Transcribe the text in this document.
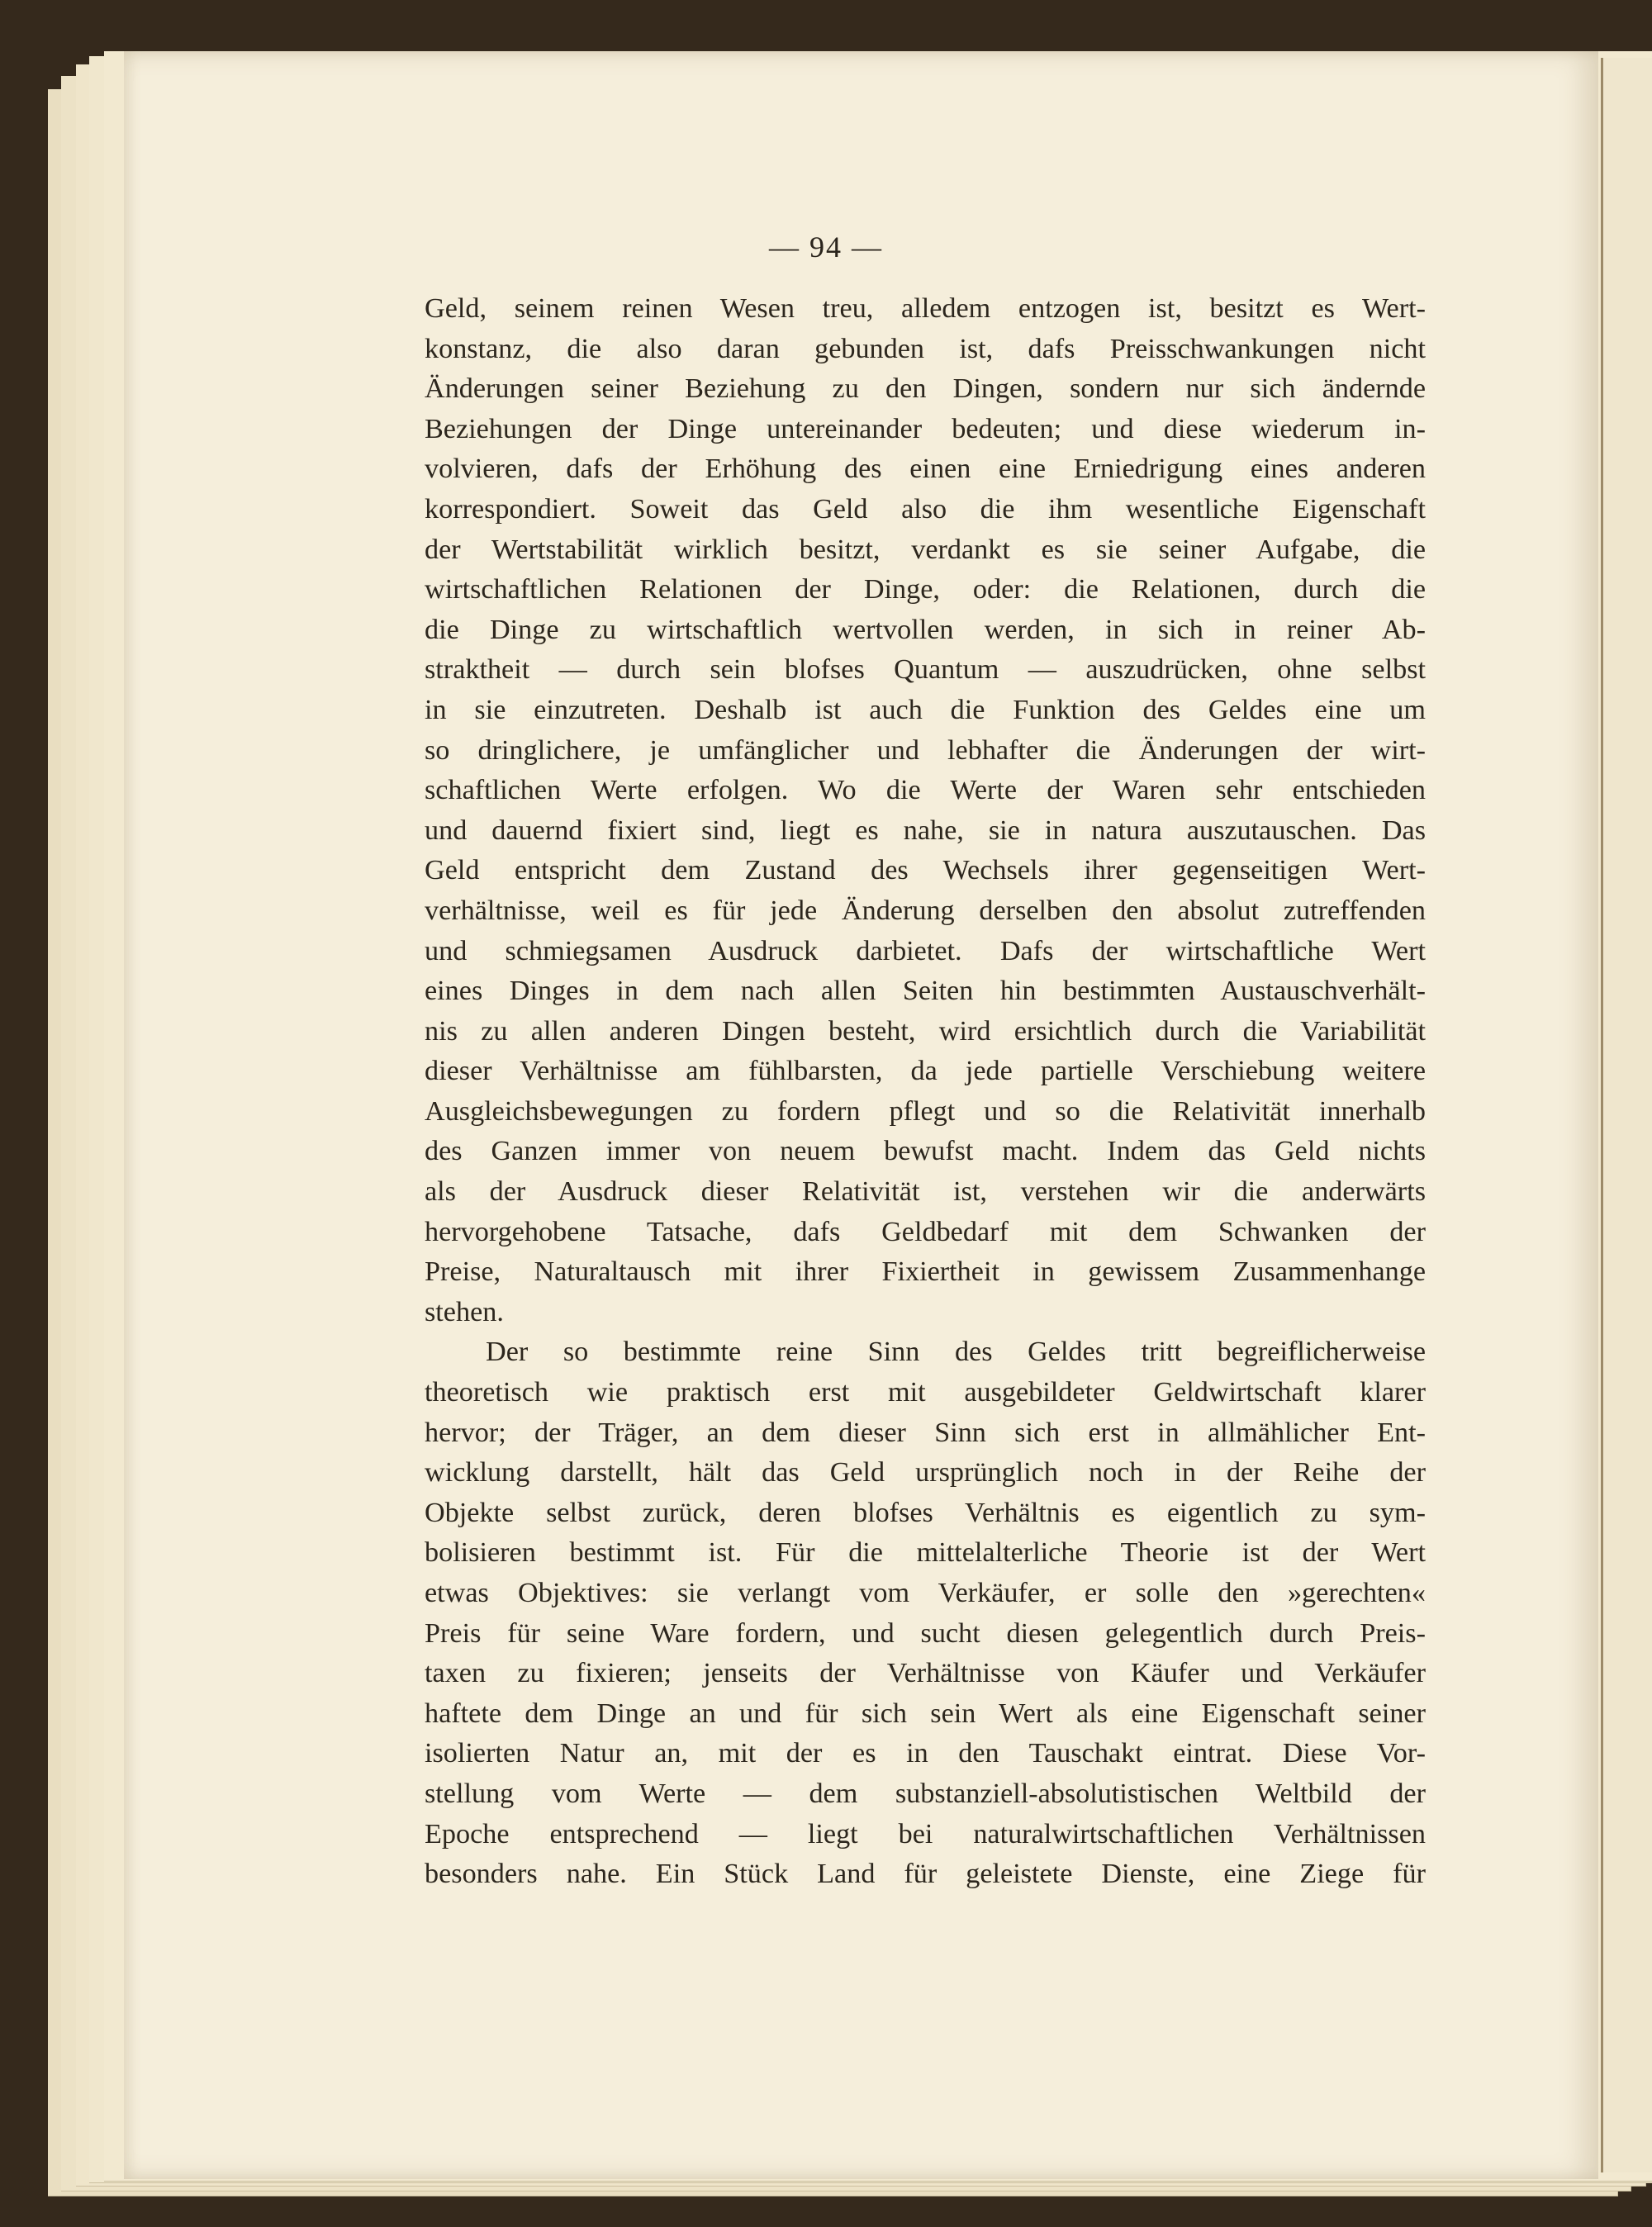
— 94 —
Geld, seinem reinen Wesen treu, alledem entzogen ist, besitzt es Wert-
konstanz, die also daran gebunden ist, dafs Preisschwankungen nicht
Änderungen seiner Beziehung zu den Dingen, sondern nur sich ändernde
Beziehungen der Dinge untereinander bedeuten; und diese wiederum in-
volvieren, dafs der Erhöhung des einen eine Erniedrigung eines anderen
korrespondiert. Soweit das Geld also die ihm wesentliche Eigenschaft
der Wertstabilität wirklich besitzt, verdankt es sie seiner Aufgabe, die
wirtschaftlichen Relationen der Dinge, oder: die Relationen, durch die
die Dinge zu wirtschaftlich wertvollen werden, in sich in reiner Ab-
straktheit — durch sein blofses Quantum — auszudrücken, ohne selbst
in sie einzutreten. Deshalb ist auch die Funktion des Geldes eine um
so dringlichere, je umfänglicher und lebhafter die Änderungen der wirt-
schaftlichen Werte erfolgen. Wo die Werte der Waren sehr entschieden
und dauernd fixiert sind, liegt es nahe, sie in natura auszutauschen. Das
Geld entspricht dem Zustand des Wechsels ihrer gegenseitigen Wert-
verhältnisse, weil es für jede Änderung derselben den absolut zutreffenden
und schmiegsamen Ausdruck darbietet. Dafs der wirtschaftliche Wert
eines Dinges in dem nach allen Seiten hin bestimmten Austauschverhält-
nis zu allen anderen Dingen besteht, wird ersichtlich durch die Variabilität
dieser Verhältnisse am fühlbarsten, da jede partielle Verschiebung weitere
Ausgleichsbewegungen zu fordern pflegt und so die Relativität innerhalb
des Ganzen immer von neuem bewufst macht. Indem das Geld nichts
als der Ausdruck dieser Relativität ist, verstehen wir die anderwärts
hervorgehobene Tatsache, dafs Geldbedarf mit dem Schwanken der
Preise, Naturaltausch mit ihrer Fixiertheit in gewissem Zusammenhange
stehen.
Der so bestimmte reine Sinn des Geldes tritt begreiflicherweise
theoretisch wie praktisch erst mit ausgebildeter Geldwirtschaft klarer
hervor; der Träger, an dem dieser Sinn sich erst in allmählicher Ent-
wicklung darstellt, hält das Geld ursprünglich noch in der Reihe der
Objekte selbst zurück, deren blofses Verhältnis es eigentlich zu sym-
bolisieren bestimmt ist. Für die mittelalterliche Theorie ist der Wert
etwas Objektives: sie verlangt vom Verkäufer, er solle den »gerechten«
Preis für seine Ware fordern, und sucht diesen gelegentlich durch Preis-
taxen zu fixieren; jenseits der Verhältnisse von Käufer und Verkäufer
haftete dem Dinge an und für sich sein Wert als eine Eigenschaft seiner
isolierten Natur an, mit der es in den Tauschakt eintrat. Diese Vor-
stellung vom Werte — dem substanziell-absolutistischen Weltbild der
Epoche entsprechend — liegt bei naturalwirtschaftlichen Verhältnissen
besonders nahe. Ein Stück Land für geleistete Dienste, eine Ziege für
